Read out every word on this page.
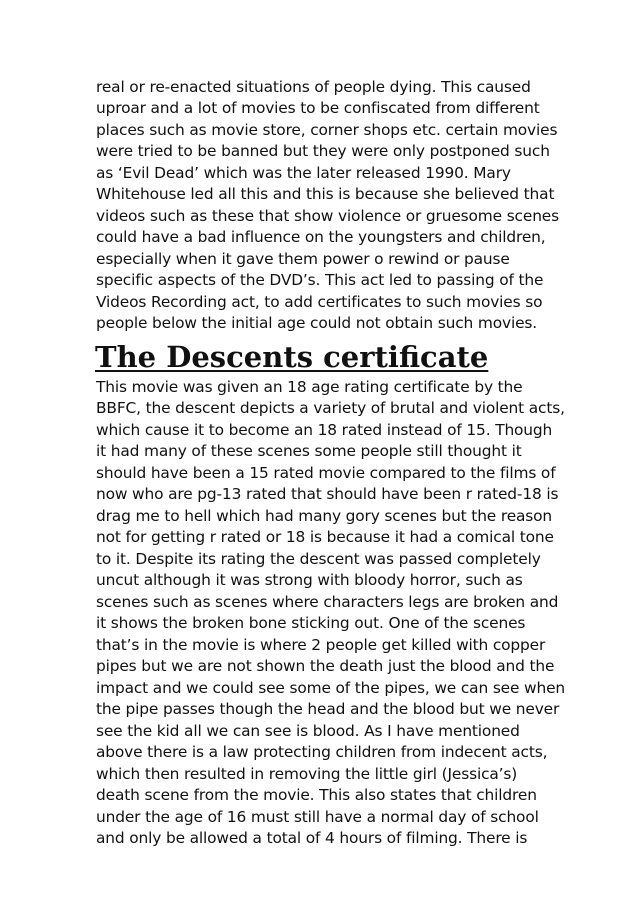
real or re-enacted situations of people dying. This caused
uproar and a lot of movies to be confiscated from different
places such as movie store, corner shops etc. certain movies
were tried to be banned but they were only postponed such
as ‘Evil Dead’ which was the later released 1990. Mary
Whitehouse led all this and this is because she believed that
videos such as these that show violence or gruesome scenes
could have a bad influence on the youngsters and children,
especially when it gave them power o rewind or pause
specific aspects of the DVD’s. This act led to passing of the
Videos Recording act, to add certificates to such movies so
people below the initial age could not obtain such movies.
The Descents certificate
This movie was given an 18 age rating certificate by the
BBFC, the descent depicts a variety of brutal and violent acts,
which cause it to become an 18 rated instead of 15. Though
it had many of these scenes some people still thought it
should have been a 15 rated movie compared to the films of
now who are pg-13 rated that should have been r rated-18 is
drag me to hell which had many gory scenes but the reason
not for getting r rated or 18 is because it had a comical tone
to it. Despite its rating the descent was passed completely
uncut although it was strong with bloody horror, such as
scenes such as scenes where characters legs are broken and
it shows the broken bone sticking out. One of the scenes
that’s in the movie is where 2 people get killed with copper
pipes but we are not shown the death just the blood and the
impact and we could see some of the pipes, we can see when
the pipe passes though the head and the blood but we never
see the kid all we can see is blood. As I have mentioned
above there is a law protecting children from indecent acts,
which then resulted in removing the little girl (Jessica’s)
death scene from the movie. This also states that children
under the age of 16 must still have a normal day of school
and only be allowed a total of 4 hours of filming. There is
